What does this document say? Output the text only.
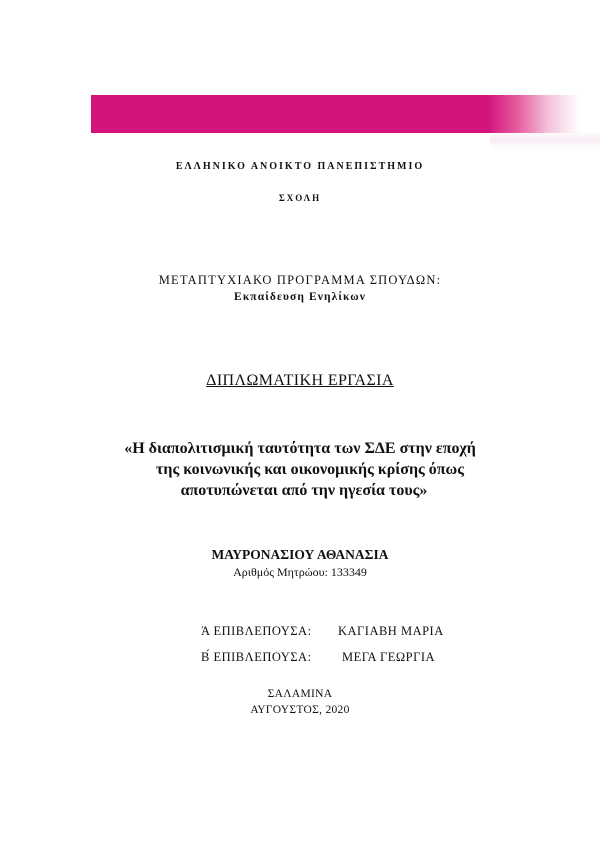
ΕΛΛΗΝΙΚΟ ΑΝΟΙΚΤΟ ΠΑΝΕΠΙΣΤΗΜΙΟ
ΣΧΟΛΗ
ΜΕΤΑΠΤΥΧΙΑΚΟ ΠΡΟΓΡΑΜΜΑ ΣΠΟΥΔΩΝ:
Εκπαίδευση Ενηλίκων
ΔΙΠΛΩΜΑΤΙΚΗ ΕΡΓΑΣΙΑ
«Η διαπολιτισμική ταυτότητα των ΣΔΕ στην εποχή
της κοινωνικής και οικονομικής κρίσης όπως
αποτυπώνεται από την ηγεσία τους»
ΜΑΥΡΟΝΑΣΙΟΥ ΑΘΑΝΑΣΙΑ
Αριθμός Μητρώου: 133349
Ά ΕΠΙΒΛΕΠΟΥΣΑ: ΚΑΓΙΑΒΗ ΜΑΡΙΑ
Β́ ΕΠΙΒΛΕΠΟΥΣΑ: ΜΕΓΑ ΓΕΩΡΓΙΑ
ΣΑΛΑΜΙΝΑ
ΑΥΓΟΥΣΤΟΣ, 2020
